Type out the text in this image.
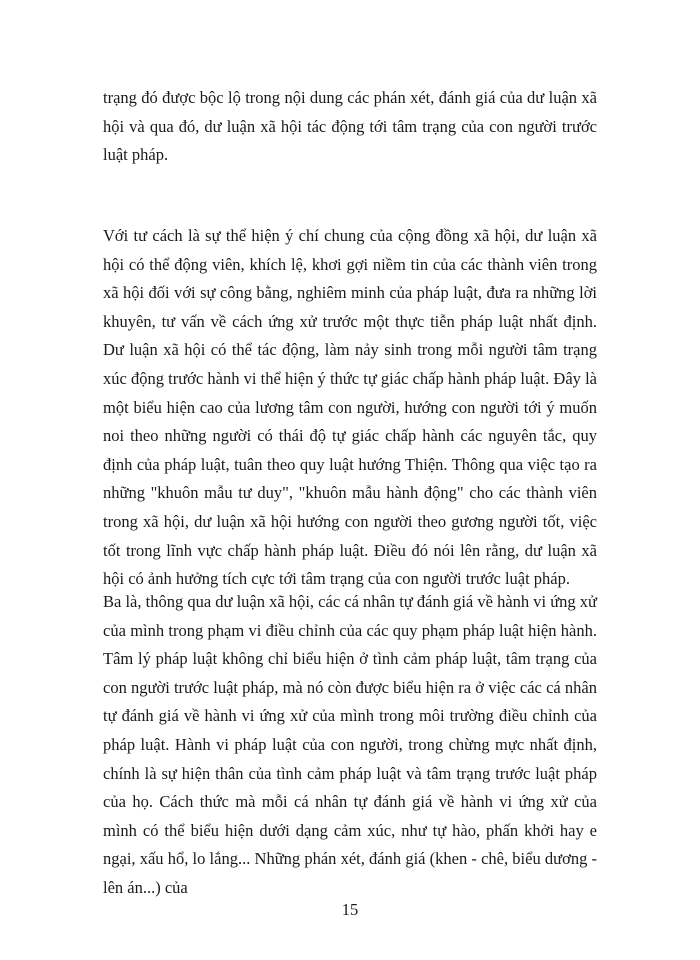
trạng đó được bộc lộ trong nội dung các phán xét, đánh giá của dư luận xã hội và qua đó, dư luận xã hội tác động tới tâm trạng của con người trước luật pháp.
Với tư cách là sự thể hiện ý chí chung của cộng đồng xã hội, dư luận xã hội có thể động viên, khích lệ, khơi gợi niềm tin của các thành viên trong xã hội đối với sự công bằng, nghiêm minh của pháp luật, đưa ra những lời khuyên, tư vấn về cách ứng xử trước một thực tiễn pháp luật nhất định. Dư luận xã hội có thể tác động, làm nảy sinh trong mỗi người tâm trạng xúc động trước hành vi thể hiện ý thức tự giác chấp hành pháp luật. Đây là một biểu hiện cao của lương tâm con người, hướng con người tới ý muốn noi theo những người có thái độ tự giác chấp hành các nguyên tắc, quy định của pháp luật, tuân theo quy luật hướng Thiện. Thông qua việc tạo ra những "khuôn mẫu tư duy", "khuôn mẫu hành động" cho các thành viên trong xã hội, dư luận xã hội hướng con người theo gương người tốt, việc tốt trong lĩnh vực chấp hành pháp luật. Điều đó nói lên rằng, dư luận xã hội có ảnh hưởng tích cực tới tâm trạng của con người trước luật pháp.
Ba là, thông qua dư luận xã hội, các cá nhân tự đánh giá về hành vi ứng xử của mình trong phạm vi điều chỉnh của các quy phạm pháp luật hiện hành. Tâm lý pháp luật không chỉ biểu hiện ở tình cảm pháp luật, tâm trạng của con người trước luật pháp, mà nó còn được biểu hiện ra ở việc các cá nhân tự đánh giá về hành vi ứng xử của mình trong môi trường điều chỉnh của pháp luật. Hành vi pháp luật của con người, trong chừng mực nhất định, chính là sự hiện thân của tình cảm pháp luật và tâm trạng trước luật pháp của họ. Cách thức mà mỗi cá nhân tự đánh giá về hành vi ứng xử của mình có thể biểu hiện dưới dạng cảm xúc, như tự hào, phấn khởi hay e ngại, xấu hổ, lo lắng... Những phán xét, đánh giá (khen - chê, biểu dương - lên án...) của
15
